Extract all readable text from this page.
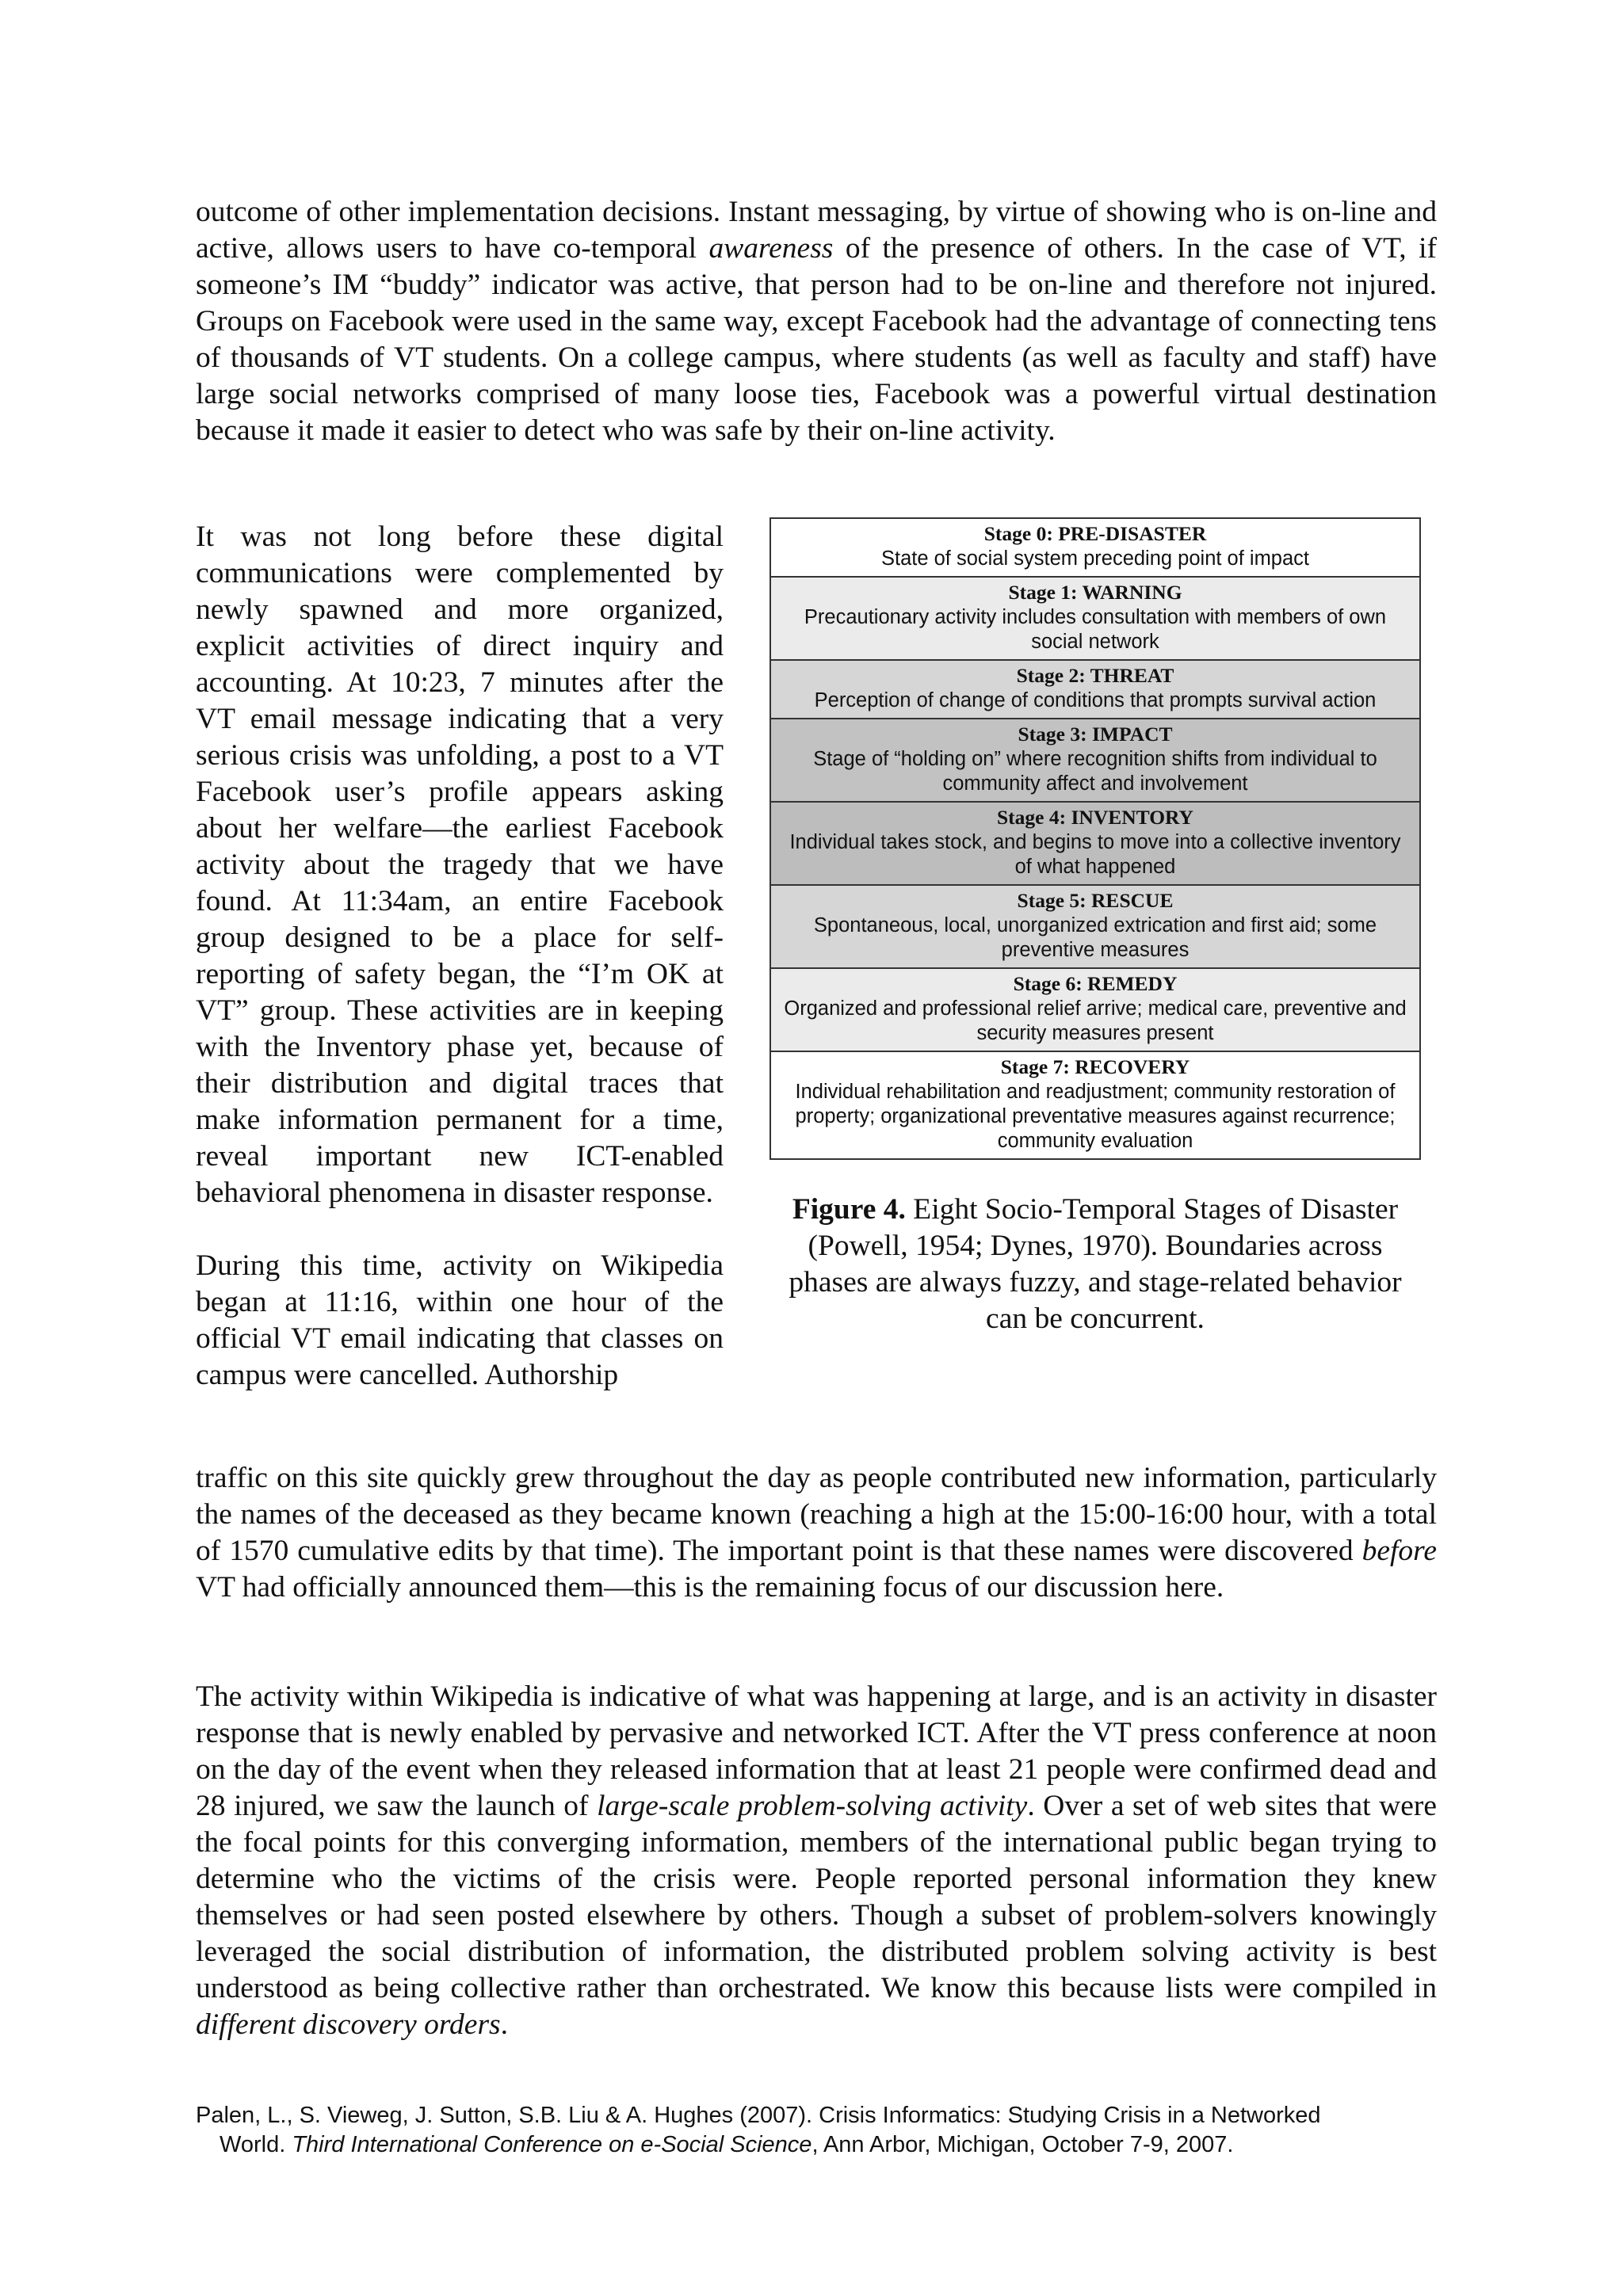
outcome of other implementation decisions. Instant messaging, by virtue of showing who is on-line and active, allows users to have co-temporal awareness of the presence of others. In the case of VT, if someone’s IM “buddy” indicator was active, that person had to be on-line and therefore not injured. Groups on Facebook were used in the same way, except Facebook had the advantage of connecting tens of thousands of VT students. On a college campus, where students (as well as faculty and staff) have large social networks comprised of many loose ties, Facebook was a powerful virtual destination because it made it easier to detect who was safe by their on-line activity.

It was not long before these digital communications were complemented by newly spawned and more organized, explicit activities of direct inquiry and accounting. At 10:23, 7 minutes after the VT email message indicating that a very serious crisis was unfolding, a post to a VT Facebook user’s profile appears asking about her welfare—the earliest Facebook activity about the tragedy that we have found. At 11:34am, an entire Facebook group designed to be a place for self-reporting of safety began, the “I’m OK at VT” group. These activities are in keeping with the Inventory phase yet, because of their distribution and digital traces that make information permanent for a time, reveal important new ICT-enabled behavioral phenomena in disaster response.

During this time, activity on Wikipedia began at 11:16, within one hour of the official VT email indicating that classes on campus were cancelled. Authorship

Stage 0: PRE-DISASTER
State of social system preceding point of impact
Stage 1: WARNING
Precautionary activity includes consultation with members of own social network
Stage 2: THREAT
Perception of change of conditions that prompts survival action
Stage 3: IMPACT
Stage of “holding on” where recognition shifts from individual to community affect and involvement
Stage 4: INVENTORY
Individual takes stock, and begins to move into a collective inventory of what happened
Stage 5: RESCUE
Spontaneous, local, unorganized extrication and first aid; some preventive measures
Stage 6: REMEDY
Organized and professional relief arrive; medical care, preventive and security measures present
Stage 7: RECOVERY
Individual rehabilitation and readjustment; community restoration of property; organizational preventative measures against recurrence; community evaluation
Figure 4. Eight Socio-Temporal Stages of Disaster (Powell, 1954; Dynes, 1970). Boundaries across phases are always fuzzy, and stage-related behavior can be concurrent.

traffic on this site quickly grew throughout the day as people contributed new information, particularly the names of the deceased as they became known (reaching a high at the 15:00-16:00 hour, with a total of 1570 cumulative edits by that time). The important point is that these names were discovered before VT had officially announced them—this is the remaining focus of our discussion here.

The activity within Wikipedia is indicative of what was happening at large, and is an activity in disaster response that is newly enabled by pervasive and networked ICT. After the VT press conference at noon on the day of the event when they released information that at least 21 people were confirmed dead and 28 injured, we saw the launch of large-scale problem-solving activity. Over a set of web sites that were the focal points for this converging information, members of the international public began trying to determine who the victims of the crisis were. People reported personal information they knew themselves or had seen posted elsewhere by others. Though a subset of problem-solvers knowingly leveraged the social distribution of information, the distributed problem solving activity is best understood as being collective rather than orchestrated. We know this because lists were compiled in different discovery orders.

Palen, L., S. Vieweg, J. Sutton, S.B. Liu & A. Hughes (2007). Crisis Informatics: Studying Crisis in a Networked
World. Third International Conference on e-Social Science, Ann Arbor, Michigan, October 7-9, 2007.
